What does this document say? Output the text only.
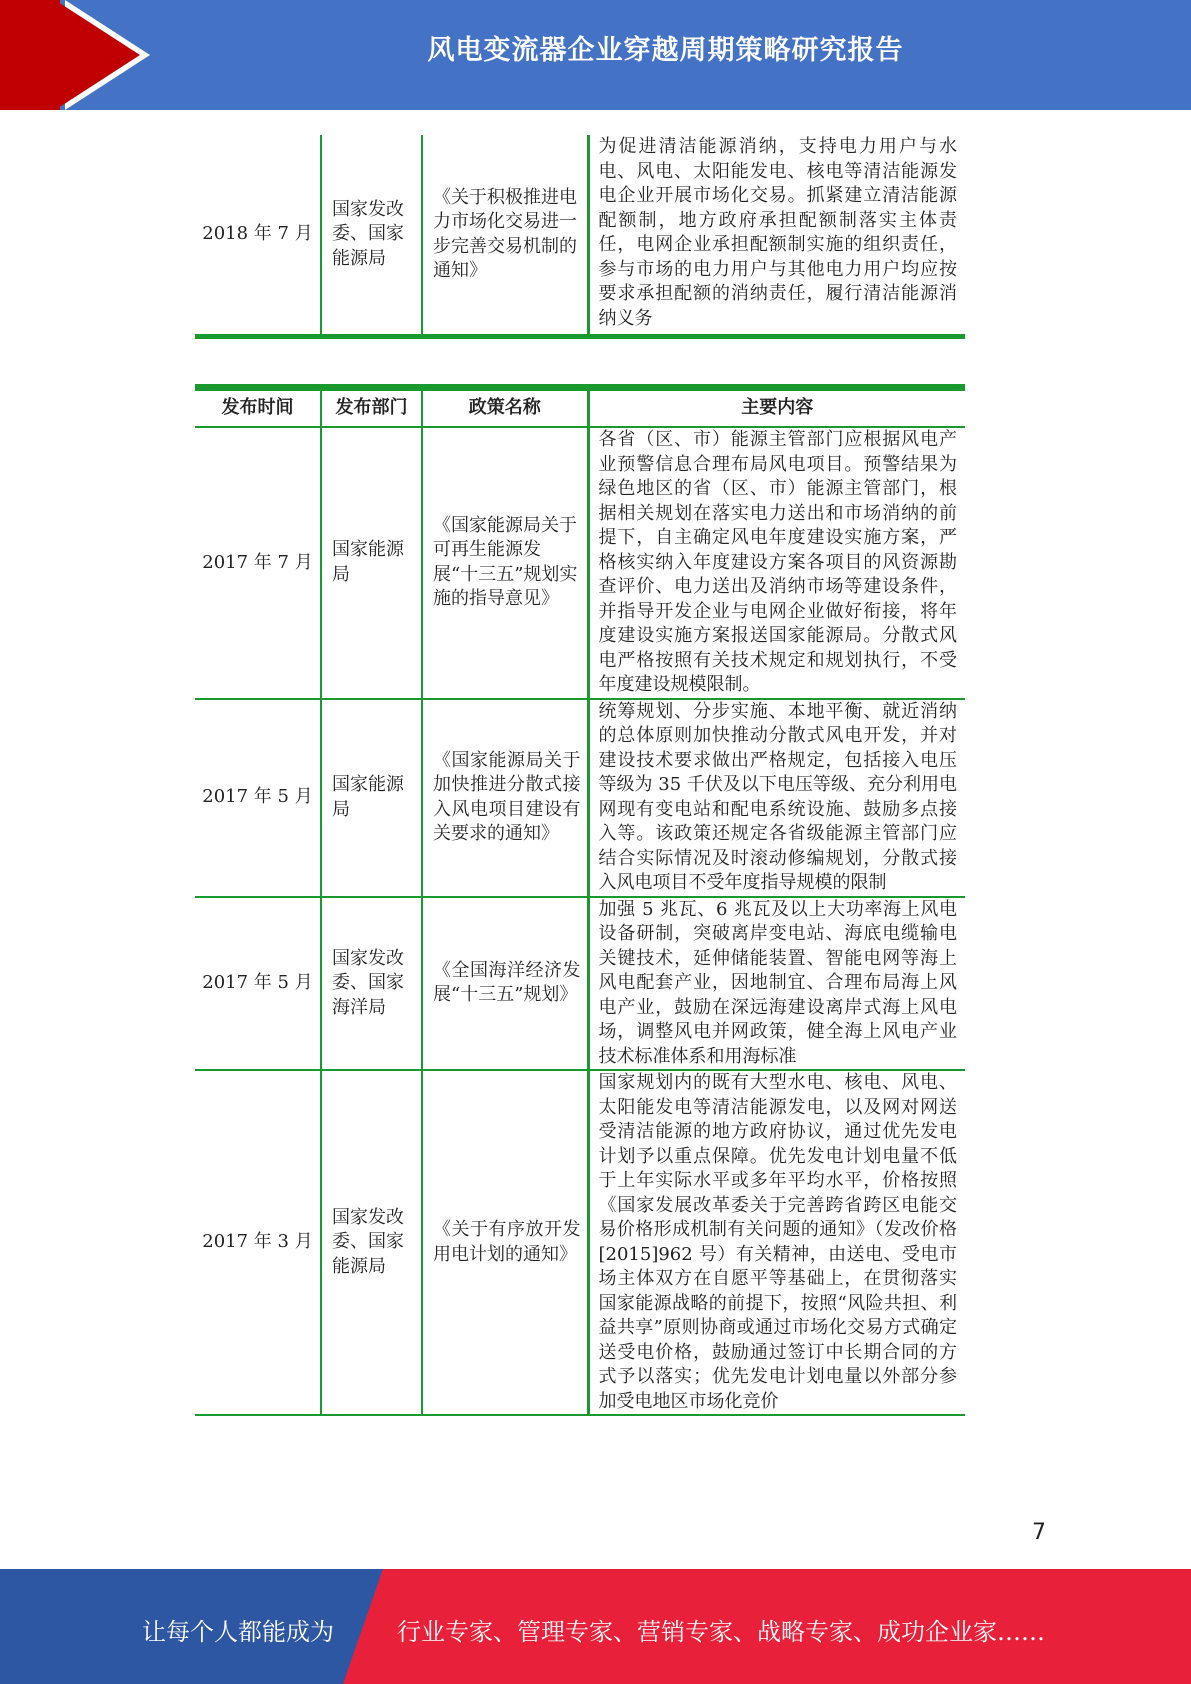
风电变流器企业穿越周期策略研究报告
2018 年 7 月	国家发改委、国家能源局	《关于积极推进电力市场化交易进一步完善交易机制的通知》	为促进清洁能源消纳，支持电力用户与水电、风电、太阳能发电、核电等清洁能源发电企业开展市场化交易。抓紧建立清洁能源配额制，地方政府承担配额制落实主体责任，电网企业承担配额制实施的组织责任，参与市场的电力用户与其他电力用户均应按要求承担配额的消纳责任，履行清洁能源消纳义务
发布时间	发布部门	政策名称	主要内容
2017 年 7 月	国家能源局	《国家能源局关于可再生能源发展“十三五”规划实施的指导意见》	各省（区、市）能源主管部门应根据风电产业预警信息合理布局风电项目。预警结果为绿色地区的省（区、市）能源主管部门，根据相关规划在落实电力送出和市场消纳的前提下，自主确定风电年度建设实施方案，严格核实纳入年度建设方案各项目的风资源勘查评价、电力送出及消纳市场等建设条件，并指导开发企业与电网企业做好衔接，将年度建设实施方案报送国家能源局。分散式风电严格按照有关技术规定和规划执行，不受年度建设规模限制。
2017 年 5 月	国家能源局	《国家能源局关于加快推进分散式接入风电项目建设有关要求的通知》	统筹规划、分步实施、本地平衡、就近消纳的总体原则加快推动分散式风电开发，并对建设技术要求做出严格规定，包括接入电压等级为 35 千伏及以下电压等级、充分利用电网现有变电站和配电系统设施、鼓励多点接入等。该政策还规定各省级能源主管部门应结合实际情况及时滚动修编规划，分散式接入风电项目不受年度指导规模的限制
2017 年 5 月	国家发改委、国家海洋局	《全国海洋经济发展“十三五”规划》	加强 5 兆瓦、6 兆瓦及以上大功率海上风电设备研制，突破离岸变电站、海底电缆输电关键技术，延伸储能装置、智能电网等海上风电配套产业，因地制宜、合理布局海上风电产业，鼓励在深远海建设离岸式海上风电场，调整风电并网政策，健全海上风电产业技术标准体系和用海标准
2017 年 3 月	国家发改委、国家能源局	《关于有序放开发用电计划的通知》	国家规划内的既有大型水电、核电、风电、太阳能发电等清洁能源发电，以及网对网送受清洁能源的地方政府协议，通过优先发电计划予以重点保障。优先发电计划电量不低于上年实际水平或多年平均水平，价格按照《国家发展改革委关于完善跨省跨区电能交易价格形成机制有关问题的通知》（发改价格[2015]962 号）有关精神，由送电、受电市场主体双方在自愿平等基础上，在贯彻落实国家能源战略的前提下，按照“风险共担、利益共享”原则协商或通过市场化交易方式确定送受电价格，鼓励通过签订中长期合同的方式予以落实；优先发电计划电量以外部分参加受电地区市场化竞价
7
让每个人都能成为	行业专家、管理专家、营销专家、战略专家、成功企业家……
